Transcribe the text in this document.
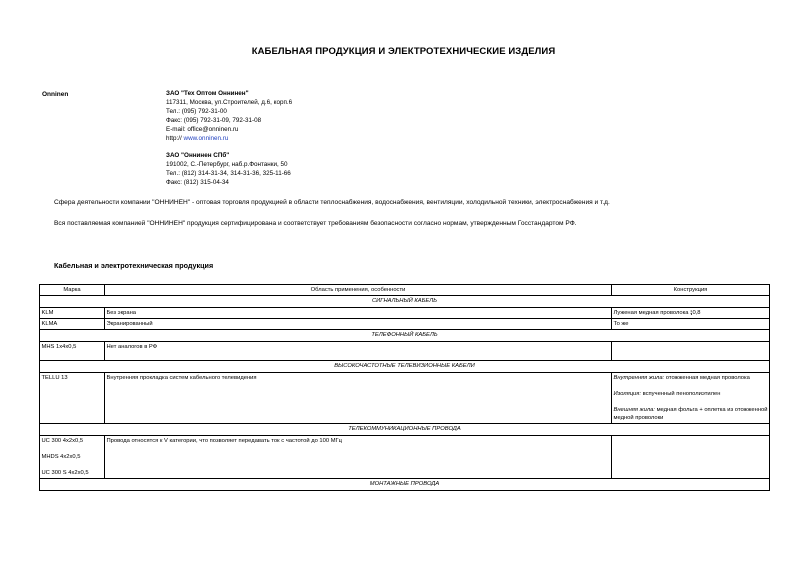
КАБЕЛЬНАЯ ПРОДУКЦИЯ И ЭЛЕКТРОТЕХНИЧЕСКИЕ ИЗДЕЛИЯ
Onninen	ЗАО "Тех Оптом Оннинен"
117311, Москва, ул.Строителей, д.6, корп.6
Тел.: (095) 792-31-00
Факс: (095) 792-31-09, 792-31-08
E-mail: office@onninen.ru
http:// www.onninen.ru
ЗАО "Оннинен СПб"
191002, С.-Петербург, наб.р.Фонтанки, 50
Тел.: (812) 314-31-34, 314-31-36, 325-11-66
Факс: (812) 315-04-34
Сфера деятельности компании "ОННИНЕН" - оптовая торговля продукцией в области теплоснабжения, водоснабжения, вентиляции, холодильной техники, электроснабжения и т.д.
Вся поставляемая компанией "ОННИНЕН" продукция сертифицирована и соответствует требованиям безопасности согласно нормам, утвержденным Госстандартом РФ.
Кабельная и электротехническая продукция
Марка	Область применения, особенности	Конструкция
СИГНАЛЬНЫЙ КАБЕЛЬ		
KLM	Без экрана	Луженая медная проволока ⁏0,8
KLMA	Экранированный	То же
ТЕЛЕФОННЫЙ КАБЕЛЬ		
MHS 1x4x0,5	Нет аналогов в РФ	
ВЫСОКОЧАСТОТНЫЕ ТЕЛЕВИЗИОННЫЕ КАБЕЛИ		
TELLU 13	Внутренняя прокладка систем кабельного телевидения	Внутренняя жила: отожженная медная проволока
Изоляция: вспученный пенополиэтилен
Внешняя жила: медная фольга + оплетка из отожженной медной проволоки

ТЕЛЕКОММУНИКАЦИОННЫЕ ПРОВОДА		

UC 300 4x2x0,5
MHDS 4x2x0,5
UC 300 S 4x2x0,5	Провода относятся к V категории, что позволяет передавать ток с частотой до 100 МГц	
МОНТАЖНЫЕ ПРОВОДА		
